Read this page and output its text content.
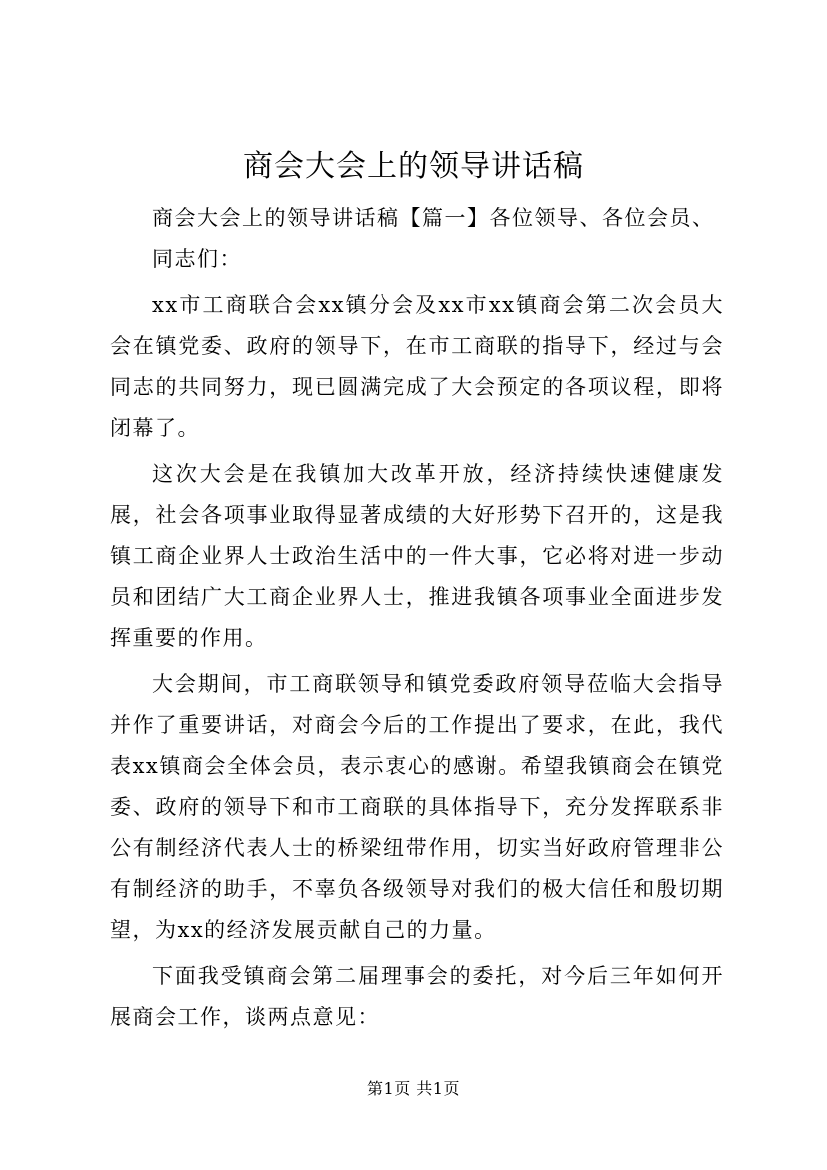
商会大会上的领导讲话稿

商会大会上的领导讲话稿【篇一】各位领导、各位会员、

同志们：

xx市工商联合会xx镇分会及xx市xx镇商会第二次会员大会在镇党委、政府的领导下，在市工商联的指导下，经过与会同志的共同努力，现已圆满完成了大会预定的各项议程，即将闭幕了。

这次大会是在我镇加大改革开放，经济持续快速健康发展，社会各项事业取得显著成绩的大好形势下召开的，这是我镇工商企业界人士政治生活中的一件大事，它必将对进一步动员和团结广大工商企业界人士，推进我镇各项事业全面进步发挥重要的作用。

大会期间，市工商联领导和镇党委政府领导莅临大会指导并作了重要讲话，对商会今后的工作提出了要求，在此，我代表xx镇商会全体会员，表示衷心的感谢。希望我镇商会在镇党委、政府的领导下和市工商联的具体指导下，充分发挥联系非公有制经济代表人士的桥梁纽带作用，切实当好政府管理非公有制经济的助手，不辜负各级领导对我们的极大信任和殷切期望，为xx的经济发展贡献自己的力量。

下面我受镇商会第二届理事会的委托，对今后三年如何开展商会工作，谈两点意见：

第1页 共1页
